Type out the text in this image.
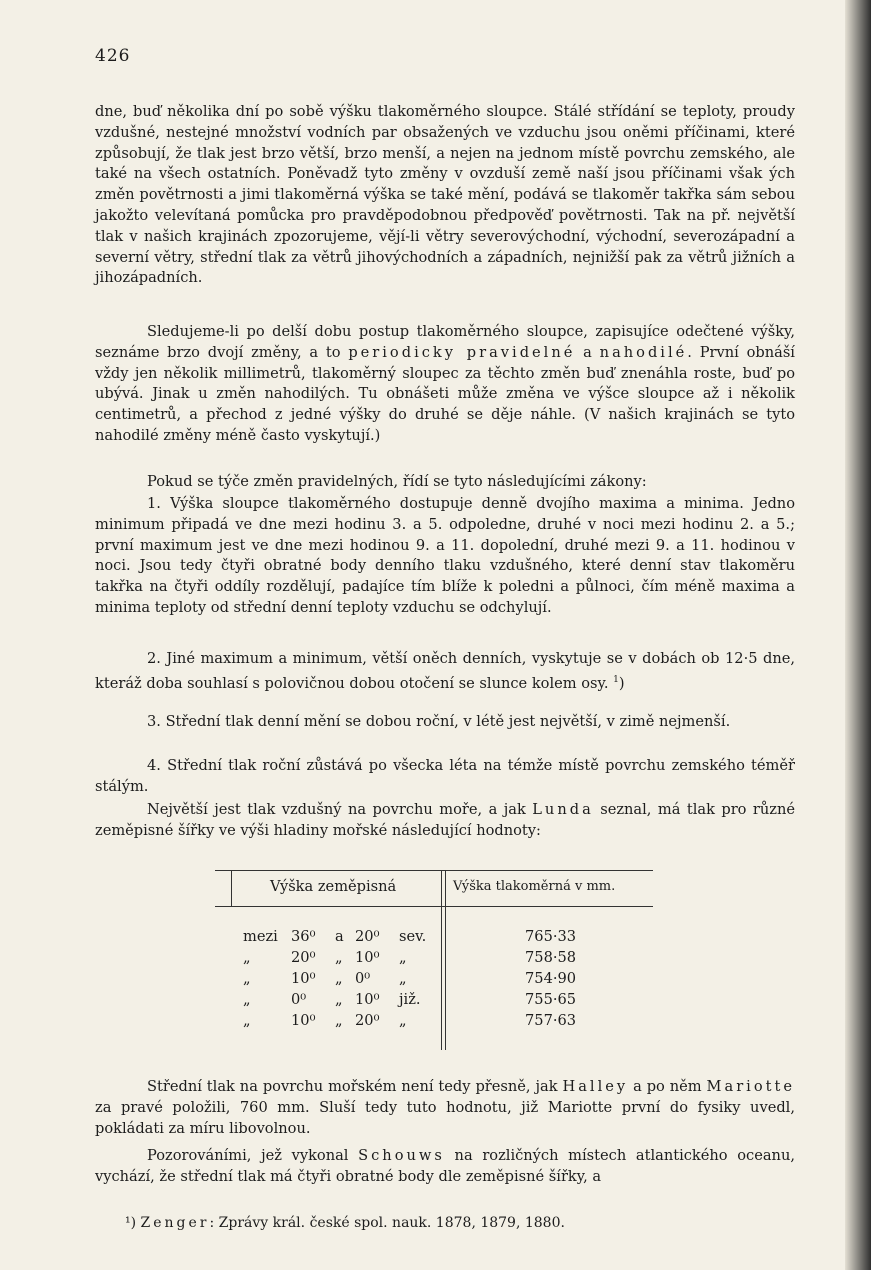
426

dne, buď několika dní po sobě výšku tlakoměrného sloupce. Stálé střídání se teploty, proudy vzdušné, nestejné množství vodních par obsažených ve vzduchu jsou oněmi příčinami, které způsobují, že tlak jest brzo větší, brzo menší, a nejen na jednom místě povrchu zemského, ale také na všech ostatních. Poněvadž tyto změny v ovzduší země naší jsou příčinami však ých změn povětrnosti a jimi tlakoměrná výška se také mění, podává se tlakoměr takřka sám sebou jakožto velevítaná pomůcka pro pravděpodobnou předpověď povětrnosti. Tak na př. největší tlak v našich krajinách zpozorujeme, vějí-li větry severovýchodní, východní, severozápadní a severní větry, střední tlak za větrů jihovýchodních a západních, nejnižší pak za větrů jižních a jihozápadních.

Sledujeme-li po delší dobu postup tlakoměrného sloupce, zapisujíce odečtené výšky, seznáme brzo dvojí změny, a to periodicky pravidelné a nahodilé. První obnáší vždy jen několik millimetrů, tlakoměrný sloupec za těchto změn buď znenáhla roste, buď po ubývá. Jinak u změn nahodilých. Tu obnášeti může změna ve výšce sloupce až i několik centimetrů, a přechod z jedné výšky do druhé se děje náhle. (V našich krajinách se tyto nahodilé změny méně často vyskytují.)

Pokud se týče změn pravidelných, řídí se tyto následujícími zákony:

1. Výška sloupce tlakoměrného dostupuje denně dvojího maxima a minima. Jedno minimum připadá ve dne mezi hodinu 3. a 5. odpoledne, druhé v noci mezi hodinu 2. a 5.; první maximum jest ve dne mezi hodinou 9. a 11. dopolední, druhé mezi 9. a 11. hodinou v noci. Jsou tedy čtyři obratné body denního tlaku vzdušného, které denní stav tlakoměru takřka na čtyři oddíly rozdělují, padajíce tím blíže k poledni a půlnoci, čím méně maxima a minima teploty od střední denní teploty vzduchu se odchylují.

2. Jiné maximum a minimum, větší oněch denních, vyskytuje se v dobách ob 12·5 dne, kteráž doba souhlasí s polovičnou dobou otočení se slunce kolem osy. $^1$)

3. Střední tlak denní mění se dobou roční, v létě jest největší, v zimě nejmenší.

4. Střední tlak roční zůstává po všecka léta na témže místě povrchu zemského téměř stálým.

Největší jest tlak vzdušný na povrchu moře, a jak Lunda seznal, má tlak pro různé zeměpisné šířky ve výši hladiny mořské následující hodnoty:

Výška zeměpisná	Výška tlakoměrná v mm.
mezi 36⁰ a 20⁰ sev.	765·33
„	20⁰ „ 10⁰ „	758·58
„	10⁰ „ 0⁰ „	754·90
„	0⁰ „ 10⁰ již.	755·65
„	10⁰ „ 20⁰ „	757·63

Střední tlak na povrchu mořském není tedy přesně, jak Halley a po něm Mariotte za pravé položili, 760 mm. Sluší tedy tuto hodnotu, již Mariotte první do fysiky uvedl, pokládati za míru libovolnou.

Pozorováními, jež vykonal Schouws na rozličných místech atlantického oceanu, vychází, že střední tlak má čtyři obratné body dle zeměpisné šířky, a

¹) Zenger: Zprávy král. české spol. nauk. 1878, 1879, 1880.
